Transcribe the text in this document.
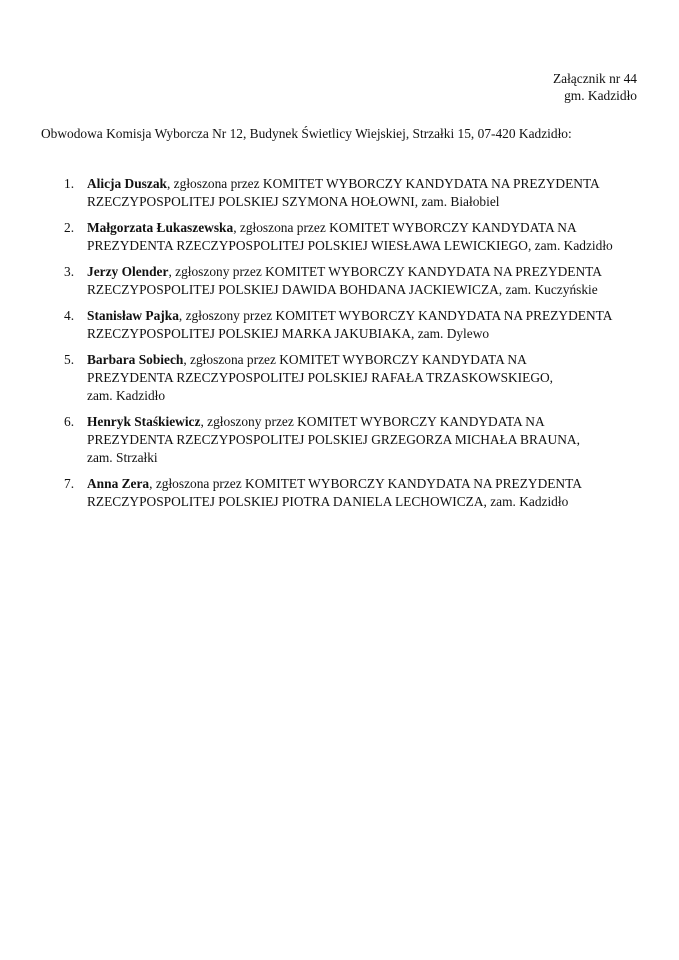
Załącznik nr 44
gm. Kadzidło
Obwodowa Komisja Wyborcza Nr 12, Budynek Świetlicy Wiejskiej, Strzałki 15, 07-420 Kadzidło:
1. Alicja Duszak, zgłoszona przez KOMITET WYBORCZY KANDYDATA NA PREZYDENTA
RZECZYPOSPOLITEJ POLSKIEJ SZYMONA HOŁOWNI, zam. Białobiel
2. Małgorzata Łukaszewska, zgłoszona przez KOMITET WYBORCZY KANDYDATA NA
PREZYDENTA RZECZYPOSPOLITEJ POLSKIEJ WIESŁAWA LEWICKIEGO, zam. Kadzidło
3. Jerzy Olender, zgłoszony przez KOMITET WYBORCZY KANDYDATA NA PREZYDENTA
RZECZYPOSPOLITEJ POLSKIEJ DAWIDA BOHDANA JACKIEWICZA, zam. Kuczyńskie
4. Stanisław Pajka, zgłoszony przez KOMITET WYBORCZY KANDYDATA NA PREZYDENTA
RZECZYPOSPOLITEJ POLSKIEJ MARKA JAKUBIAKA, zam. Dylewo
5. Barbara Sobiech, zgłoszona przez KOMITET WYBORCZY KANDYDATA NA
PREZYDENTA RZECZYPOSPOLITEJ POLSKIEJ RAFAŁA TRZASKOWSKIEGO,
zam. Kadzidło
6. Henryk Staśkiewicz, zgłoszony przez KOMITET WYBORCZY KANDYDATA NA
PREZYDENTA RZECZYPOSPOLITEJ POLSKIEJ GRZEGORZA MICHAŁA BRAUNA,
zam. Strzałki
7. Anna Zera, zgłoszona przez KOMITET WYBORCZY KANDYDATA NA PREZYDENTA
RZECZYPOSPOLITEJ POLSKIEJ PIOTRA DANIELA LECHOWICZA, zam. Kadzidło
